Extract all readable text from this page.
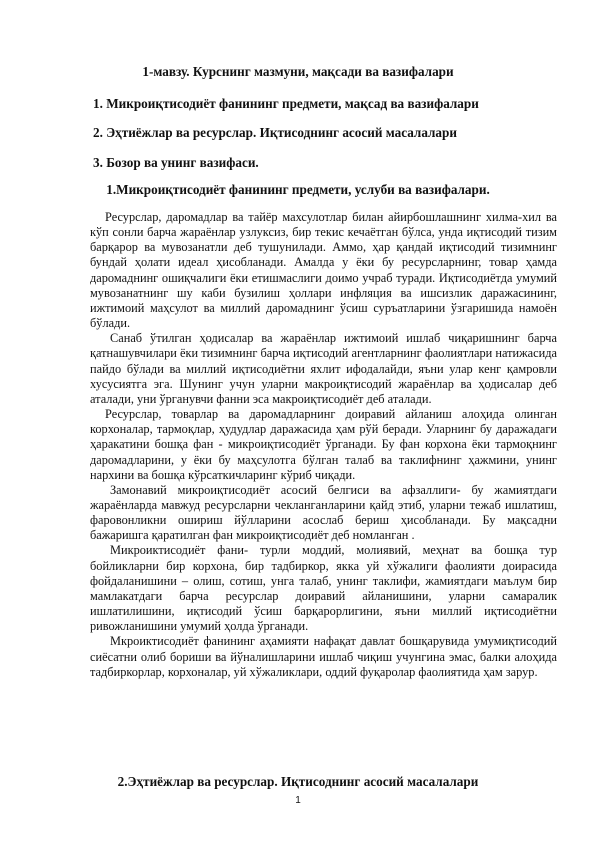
1-мавзу. Курснинг мазмуни, мақсади ва вазифалари
1. Микроиқтисодиёт фанининг предмети, мақсад ва вазифалари
2. Эҳтиёжлар ва ресурслар. Иқтисоднинг асосий масалалари
3. Бозор ва унинг вазифаси.
1.Микроиқтисодиёт фанининг предмети, услуби ва вазифалари.

Ресурслар, даромадлар ва тайёр махсулотлар билан айирбошлашнинг хилма-хил ва кўп сонли барча жараёнлар узлуксиз, бир текис кечаётган бўлса, унда иқтисодий тизим барқарор ва мувозанатли деб тушунилади. Аммо, ҳар қандай иқтисодий тизимнинг бундай ҳолати идеал ҳисобланади. Амалда у ёки бу ресурсларнинг, товар ҳамда даромаднинг ошиқчалиги ёки етишмаслиги доимо учраб туради. Иқтисодиётда умумий мувозанатнинг шу каби бузилиш ҳоллари инфляция ва ишсизлик даражасининг, ижтимоий маҳсулот ва миллий даромаднинг ўсиш суръатларини ўзгаришида намоён бўлади.

Санаб ўтилган ҳодисалар ва жараёнлар ижтимоий ишлаб чиқаришнинг барча қатнашувчилари ёки тизимнинг барча иқтисодий агентларнинг фаолиятлари натижасида пайдо бўлади ва миллий иқтисодиётни яхлит ифодалайди, яъни улар кенг қамровли хусусиятга эга. Шунинг учун уларни макроиқтисодий жараёнлар ва ҳодисалар деб аталади, уни ўрганувчи фанни эса макроиқтисодиёт деб аталади.

Ресурслар, товарлар ва даромадларнинг доиравий айланиш алоҳида олинган корхоналар, тармоқлар, ҳудудлар даражасида ҳам рўй беради. Уларнинг бу даражадаги ҳаракатини бошқа фан - микроиқтисодиёт ўрганади. Бу фан корхона ёки тармоқнинг даромадларини, у ёки бу маҳсулотга бўлган талаб ва таклифнинг ҳажмини, унинг нархини ва бошқа кўрсаткичларинг кўриб чиқади.

Замонавий микроиқтисодиёт асосий белгиси ва афзаллиги- бу жамиятдаги жараёнларда мавжуд ресурсларни чекланганларини қайд этиб, уларни тежаб ишлатиш, фаровонликни ошириш йўлларини асослаб бериш ҳисобланади. Бу мақсадни бажаришга қаратилган фан микроиқтисодиёт деб номланган .

Микроиктисодиёт фани- турли моддий, молиявий, меҳнат ва бошқа тур бойликларни бир корхона, бир тадбиркор, якка уй хўжалиги фаолияти доирасида фойдаланишини – олиш, сотиш, унга талаб, унинг таклифи, жамиятдаги маълум бир мамлакатдаги барча ресурслар доиравий айланишини, уларни самаралик ишлатилишини, иқтисодий ўсиш барқарорлигини, яъни миллий иқтисодиётни ривожланишини умумий ҳолда ўрганади.

Мкроиктисодиёт фанининг аҳамияти нафақат давлат бошқарувида умумиқтисодий сиёсатни олиб бориши ва йўналишларини ишлаб чиқиш учунгина эмас, балки алоҳида тадбиркорлар, корхоналар, уй хўжаликлари, оддий фуқаролар фаолиятида ҳам зарур.

2.Эҳтиёжлар ва ресурслар. Иқтисоднинг асосий масалалари
1
